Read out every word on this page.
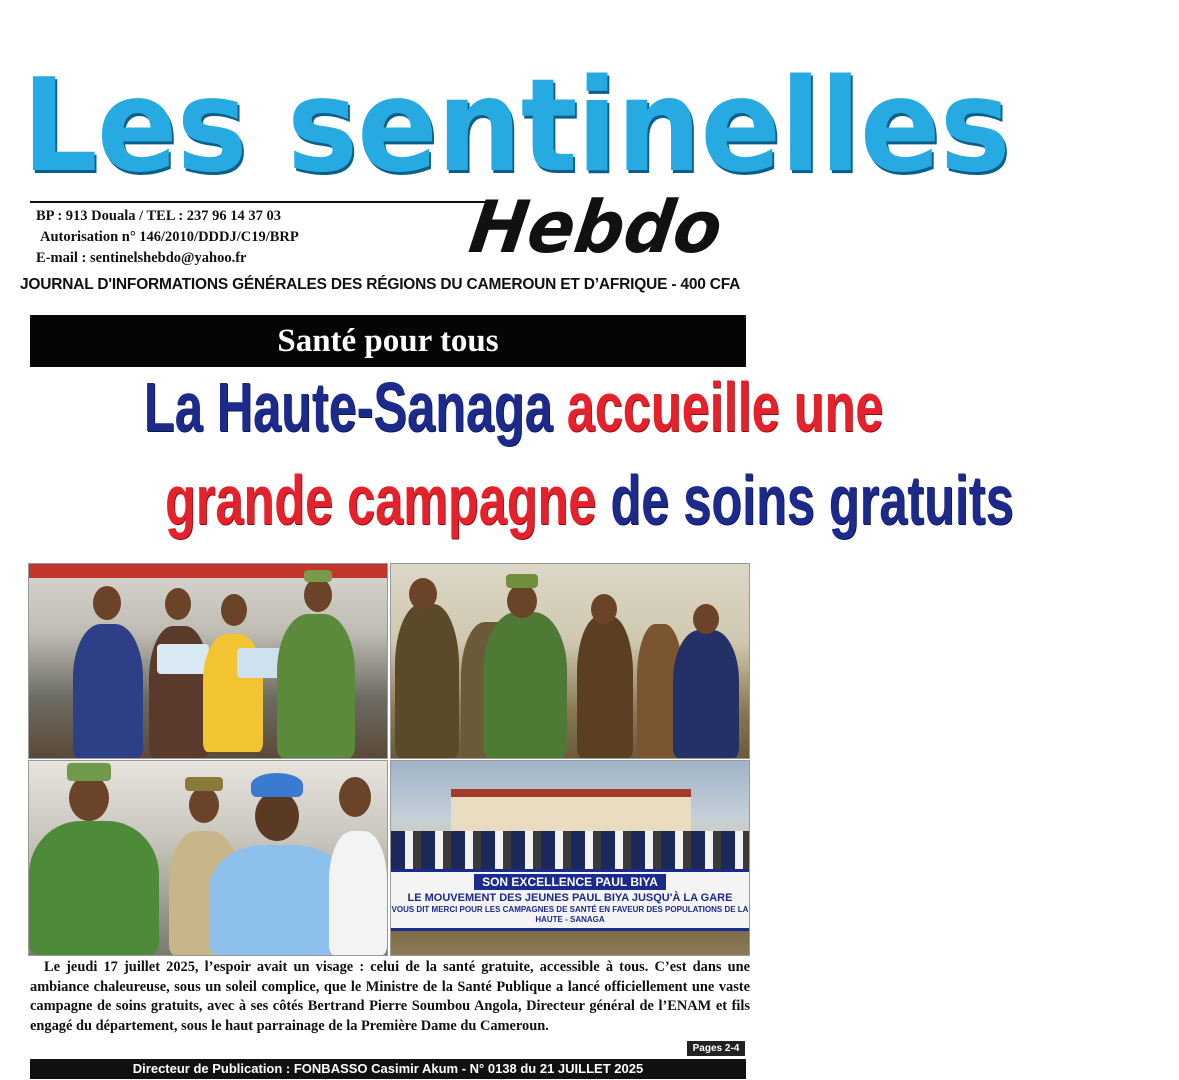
Les sentinelles
BP : 913 Douala / TEL : 237 96 14 37 03
Autorisation n° 146/2010/DDDJ/C19/BRP
E-mail : sentinelshebdo@yahoo.fr	Hebdo
JOURNAL D'INFORMATIONS GÉNÉRALES DES RÉGIONS DU CAMEROUN ET D’AFRIQUE - 400 CFA
Santé pour tous
La Haute-Sanaga accueille une
grande campagne de soins gratuits
SON EXCELLENCE PAUL BIYA
LE MOUVEMENT DES JEUNES PAUL BIYA JUSQU'À LA GARE
VOUS DIT MERCI POUR LES CAMPAGNES DE SANTÉ EN FAVEUR DES POPULATIONS DE LA HAUTE - SANAGA
Le jeudi 17 juillet 2025, l’espoir avait un visage : celui de la santé gratuite, accessible à tous. C’est dans une ambiance chaleureuse, sous un soleil complice, que le Ministre de la Santé Publique a lancé officiellement une vaste campagne de soins gratuits, avec à ses côtés Bertrand Pierre Soumbou Angola, Directeur général de l’ENAM et fils engagé du département, sous le haut parrainage de la Première Dame du Cameroun.
Pages 2-4
Directeur de Publication : FONBASSO Casimir Akum - N° 0138 du 21 JUILLET 2025
